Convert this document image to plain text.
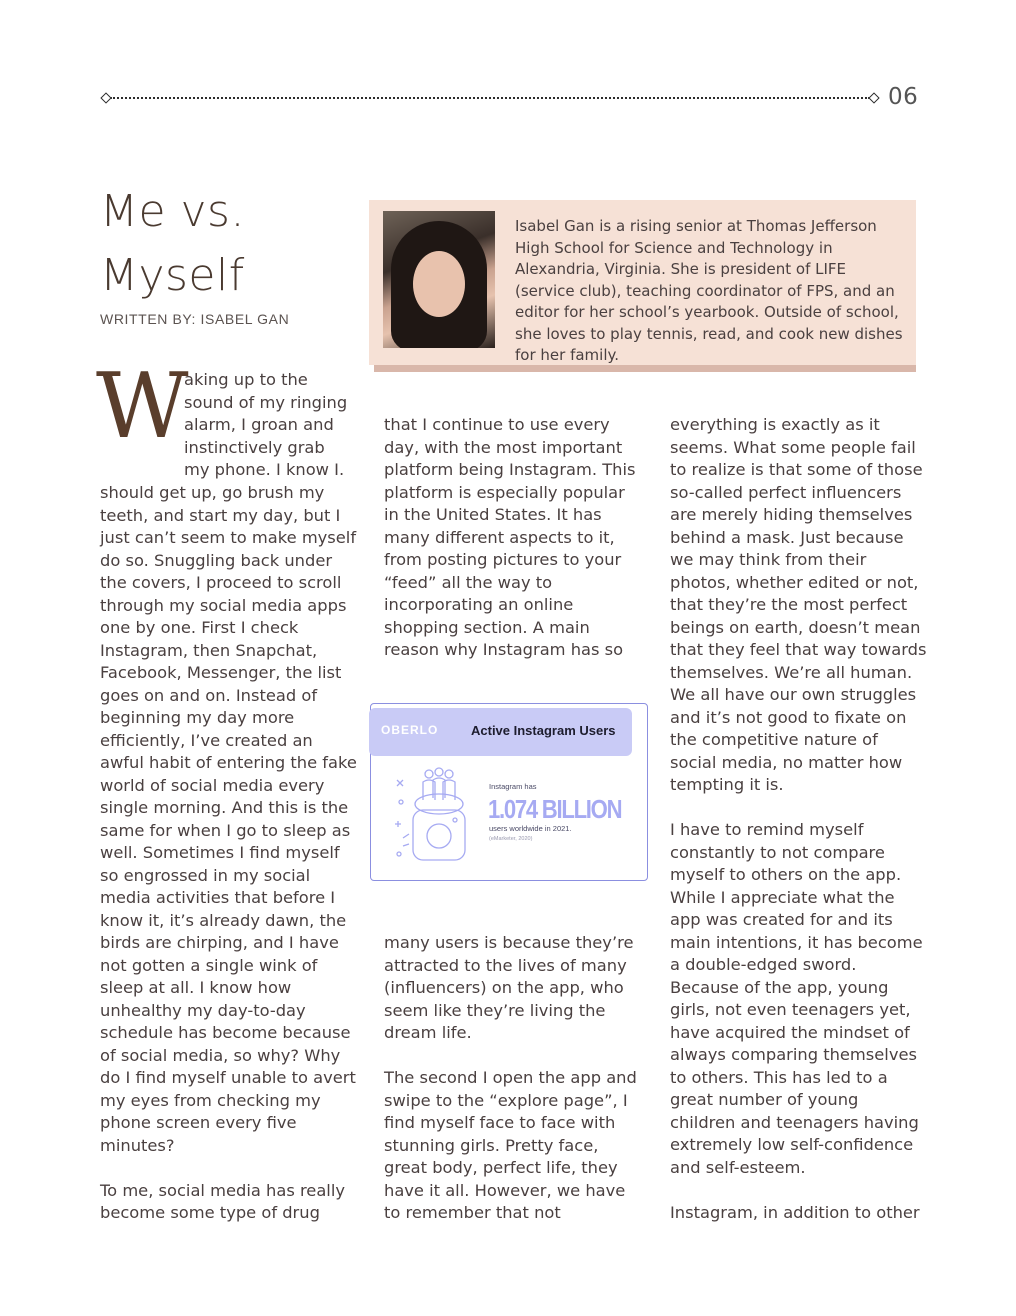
06
Me vs.
Myself
WRITTEN BY: ISABEL GAN
Isabel Gan is a rising senior at Thomas Jefferson High School for Science and Technology in Alexandria, Virginia. She is president of LIFE (service club), teaching coordinator of FPS, and an editor for her school’s yearbook. Outside of school, she loves to play tennis, read, and cook new dishes for her family.
W
aking up to the
sound of my ringing
alarm, I groan and
instinctively grab
my phone. I know I.
should get up, go brush my
teeth, and start my day, but I
just can’t seem to make myself
do so. Snuggling back under
the covers, I proceed to scroll
through my social media apps
one by one. First I check
Instagram, then Snapchat,
Facebook, Messenger, the list
goes on and on. Instead of
beginning my day more
efficiently, I’ve created an
awful habit of entering the fake
world of social media every
single morning. And this is the
same for when I go to sleep as
well. Sometimes I find myself
so engrossed in my social
media activities that before I
know it, it’s already dawn, the
birds are chirping, and I have
not gotten a single wink of
sleep at all. I know how
unhealthy my day-to-day
schedule has become because
of social media, so why? Why
do I find myself unable to avert
my eyes from checking my
phone screen every five
minutes?

To me, social media has really
become some type of drug
that I continue to use every
day, with the most important
platform being Instagram. This
platform is especially popular
in the United States. It has
many different aspects to it,
from posting pictures to your
“feed” all the way to
incorporating an online
shopping section. A main
reason why Instagram has so
OBERLO	Active Instagram Users
Instagram has
1.074 BILLION
users worldwide in 2021.
(eMarketer, 2020)
many users is because they’re
attracted to the lives of many
(influencers) on the app, who
seem like they’re living the
dream life.

The second I open the app and
swipe to the “explore page”, I
find myself face to face with
stunning girls. Pretty face,
great body, perfect life, they
have it all. However, we have
to remember that not
everything is exactly as it
seems. What some people fail
to realize is that some of those
so-called perfect influencers
are merely hiding themselves
behind a mask. Just because
we may think from their
photos, whether edited or not,
that they’re the most perfect
beings on earth, doesn’t mean
that they feel that way towards
themselves. We’re all human.
We all have our own struggles
and it’s not good to fixate on
the competitive nature of
social media, no matter how
tempting it is.

I have to remind myself
constantly to not compare
myself to others on the app.
While I appreciate what the
app was created for and its
main intentions, it has become
a double-edged sword.
Because of the app, young
girls, not even teenagers yet,
have acquired the mindset of
always comparing themselves
to others. This has led to a
great number of young
children and teenagers having
extremely low self-confidence
and self-esteem.

Instagram, in addition to other
